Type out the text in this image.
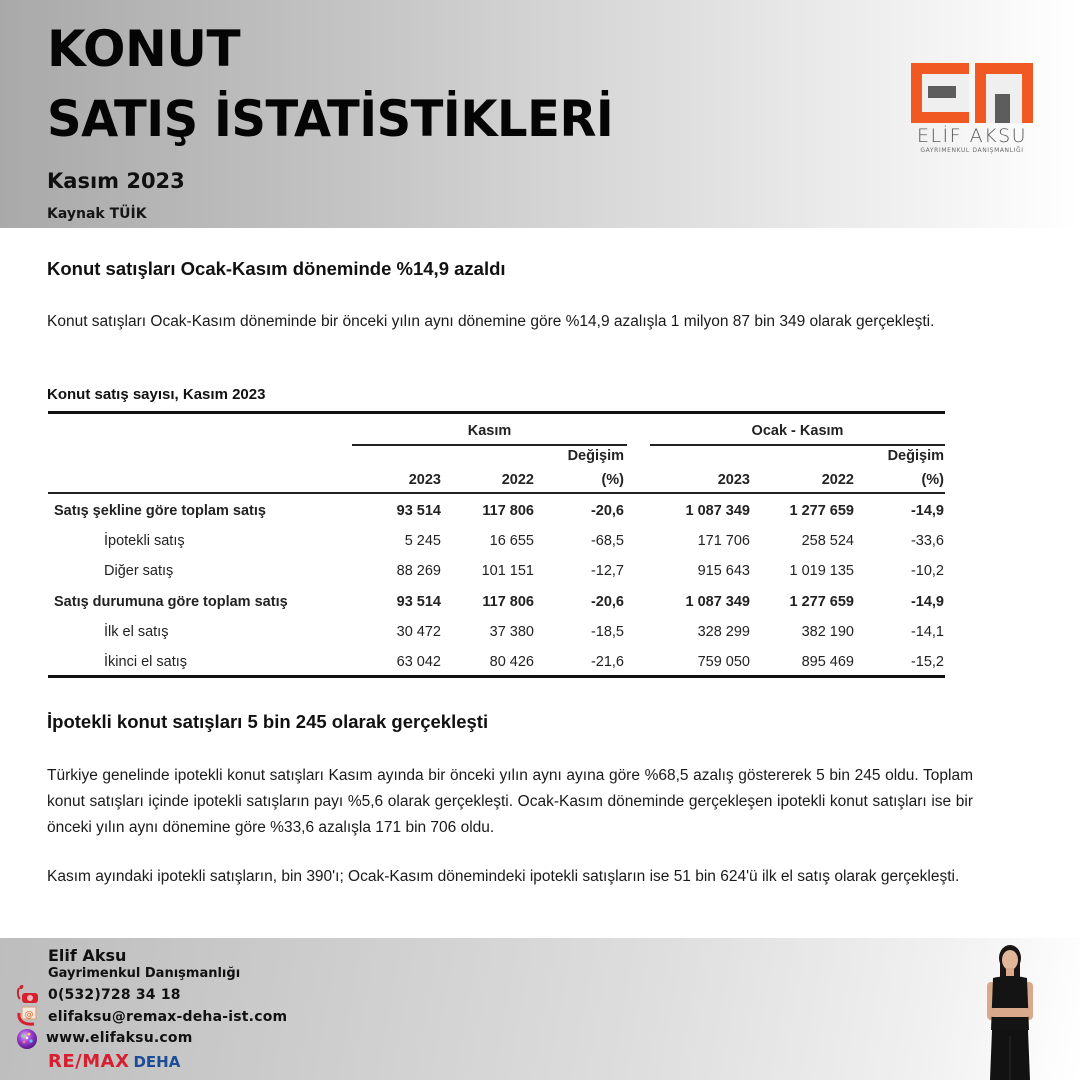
KONUT
SATIŞ İSTATİSTİKLERİ
Kasım 2023
Kaynak TÜİK
ELİF AKSU
GAYRIMENKUL DANIŞMANLIĞI
Konut satışları Ocak-Kasım döneminde %14,9 azaldı
Konut satışları Ocak-Kasım döneminde bir önceki yılın aynı dönemine göre %14,9 azalışla 1 milyon 87 bin 349 olarak gerçekleşti.
Konut satış sayısı, Kasım 2023
Kasım	Ocak - Kasım
Değişim	Değişim
2023	2022	(%)	2023	2022	(%)
Satış şekline göre toplam satış	93 514	117 806	-20,6	1 087 349	1 277 659	-14,9
İpotekli satış	5 245	16 655	-68,5	171 706	258 524	-33,6
Diğer satış	88 269	101 151	-12,7	915 643	1 019 135	-10,2
Satış durumuna göre toplam satış	93 514	117 806	-20,6	1 087 349	1 277 659	-14,9
İlk el satış	30 472	37 380	-18,5	328 299	382 190	-14,1
İkinci el satış	63 042	80 426	-21,6	759 050	895 469	-15,2
İpotekli konut satışları 5 bin 245 olarak gerçekleşti
Türkiye genelinde ipotekli konut satışları Kasım ayında bir önceki yılın aynı ayına göre %68,5 azalış göstererek 5 bin 245 oldu. Toplam konut satışları içinde ipotekli satışların payı %5,6 olarak gerçekleşti. Ocak-Kasım döneminde gerçekleşen ipotekli konut satışları ise bir önceki yılın aynı dönemine göre %33,6 azalışla 171 bin 706 oldu.
Kasım ayındaki ipotekli satışların, bin 390'ı; Ocak-Kasım dönemindeki ipotekli satışların ise 51 bin 624'ü ilk el satış olarak gerçekleşti.
Elif Aksu
Gayrimenkul Danışmanlığı
@
0(532)728 34 18
elifaksu@remax-deha-ist.com
www.elifaksu.com
RE/MAX DEHA
